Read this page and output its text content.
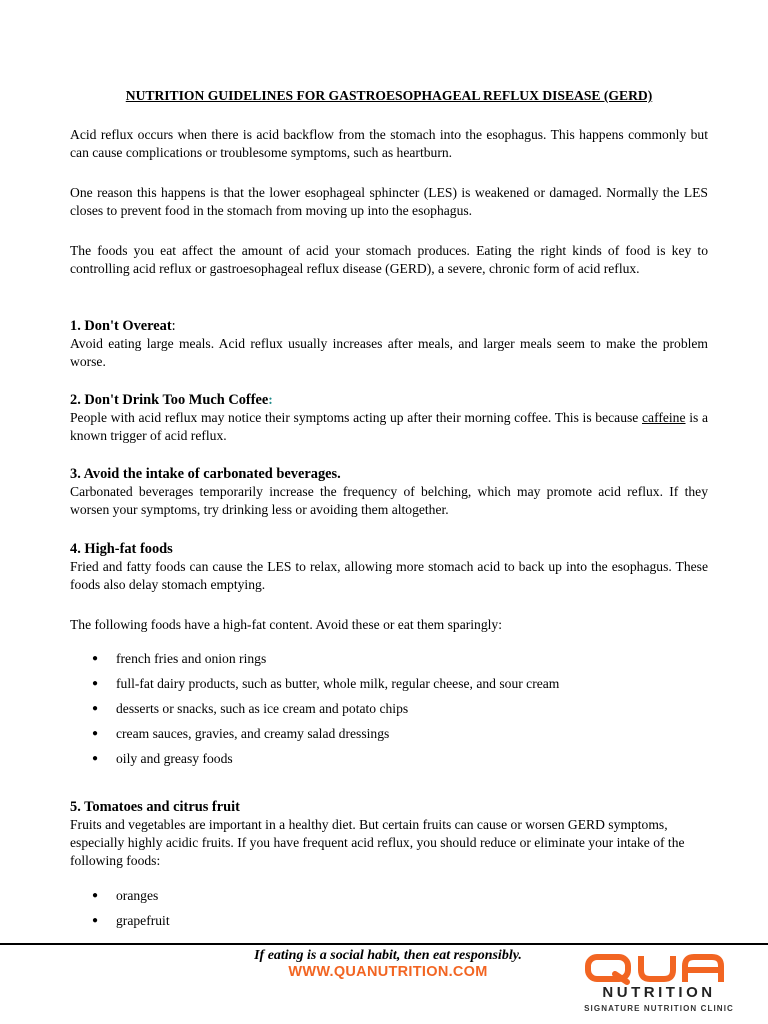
NUTRITION GUIDELINES FOR GASTROESOPHAGEAL REFLUX DISEASE (GERD)

Acid reflux occurs when there is acid backflow from the stomach into the esophagus. This happens commonly but can cause complications or troublesome symptoms, such as heartburn.

One reason this happens is that the lower esophageal sphincter (LES) is weakened or damaged. Normally the LES closes to prevent food in the stomach from moving up into the esophagus.

The foods you eat affect the amount of acid your stomach produces. Eating the right kinds of food is key to controlling acid reflux or gastroesophageal reflux disease (GERD), a severe, chronic form of acid reflux.

1. Don't Overeat:

Avoid eating large meals. Acid reflux usually increases after meals, and larger meals seem to make the problem worse.

2. Don't Drink Too Much Coffee:

People with acid reflux may notice their symptoms acting up after their morning coffee. This is because caffeine is a known trigger of acid reflux.

3. Avoid the intake of carbonated beverages.

Carbonated beverages temporarily increase the frequency of belching, which may promote acid reflux. If they worsen your symptoms, try drinking less or avoiding them altogether.

4. High-fat foods

Fried and fatty foods can cause the LES to relax, allowing more stomach acid to back up into the esophagus. These foods also delay stomach emptying.

The following foods have a high-fat content. Avoid these or eat them sparingly:

● french fries and onion rings
● full-fat dairy products, such as butter, whole milk, regular cheese, and sour cream
● desserts or snacks, such as ice cream and potato chips
● cream sauces, gravies, and creamy salad dressings
● oily and greasy foods
5. Tomatoes and citrus fruit

Fruits and vegetables are important in a healthy diet. But certain fruits can cause or worsen GERD symptoms, especially highly acidic fruits. If you have frequent acid reflux, you should reduce or eliminate your intake of the following foods:

● oranges
● grapefruit
If eating is a social habit, then eat responsibly.
WWW.QUANUTRITION.COM
NUTRITION
SIGNATURE NUTRITION CLINIC
